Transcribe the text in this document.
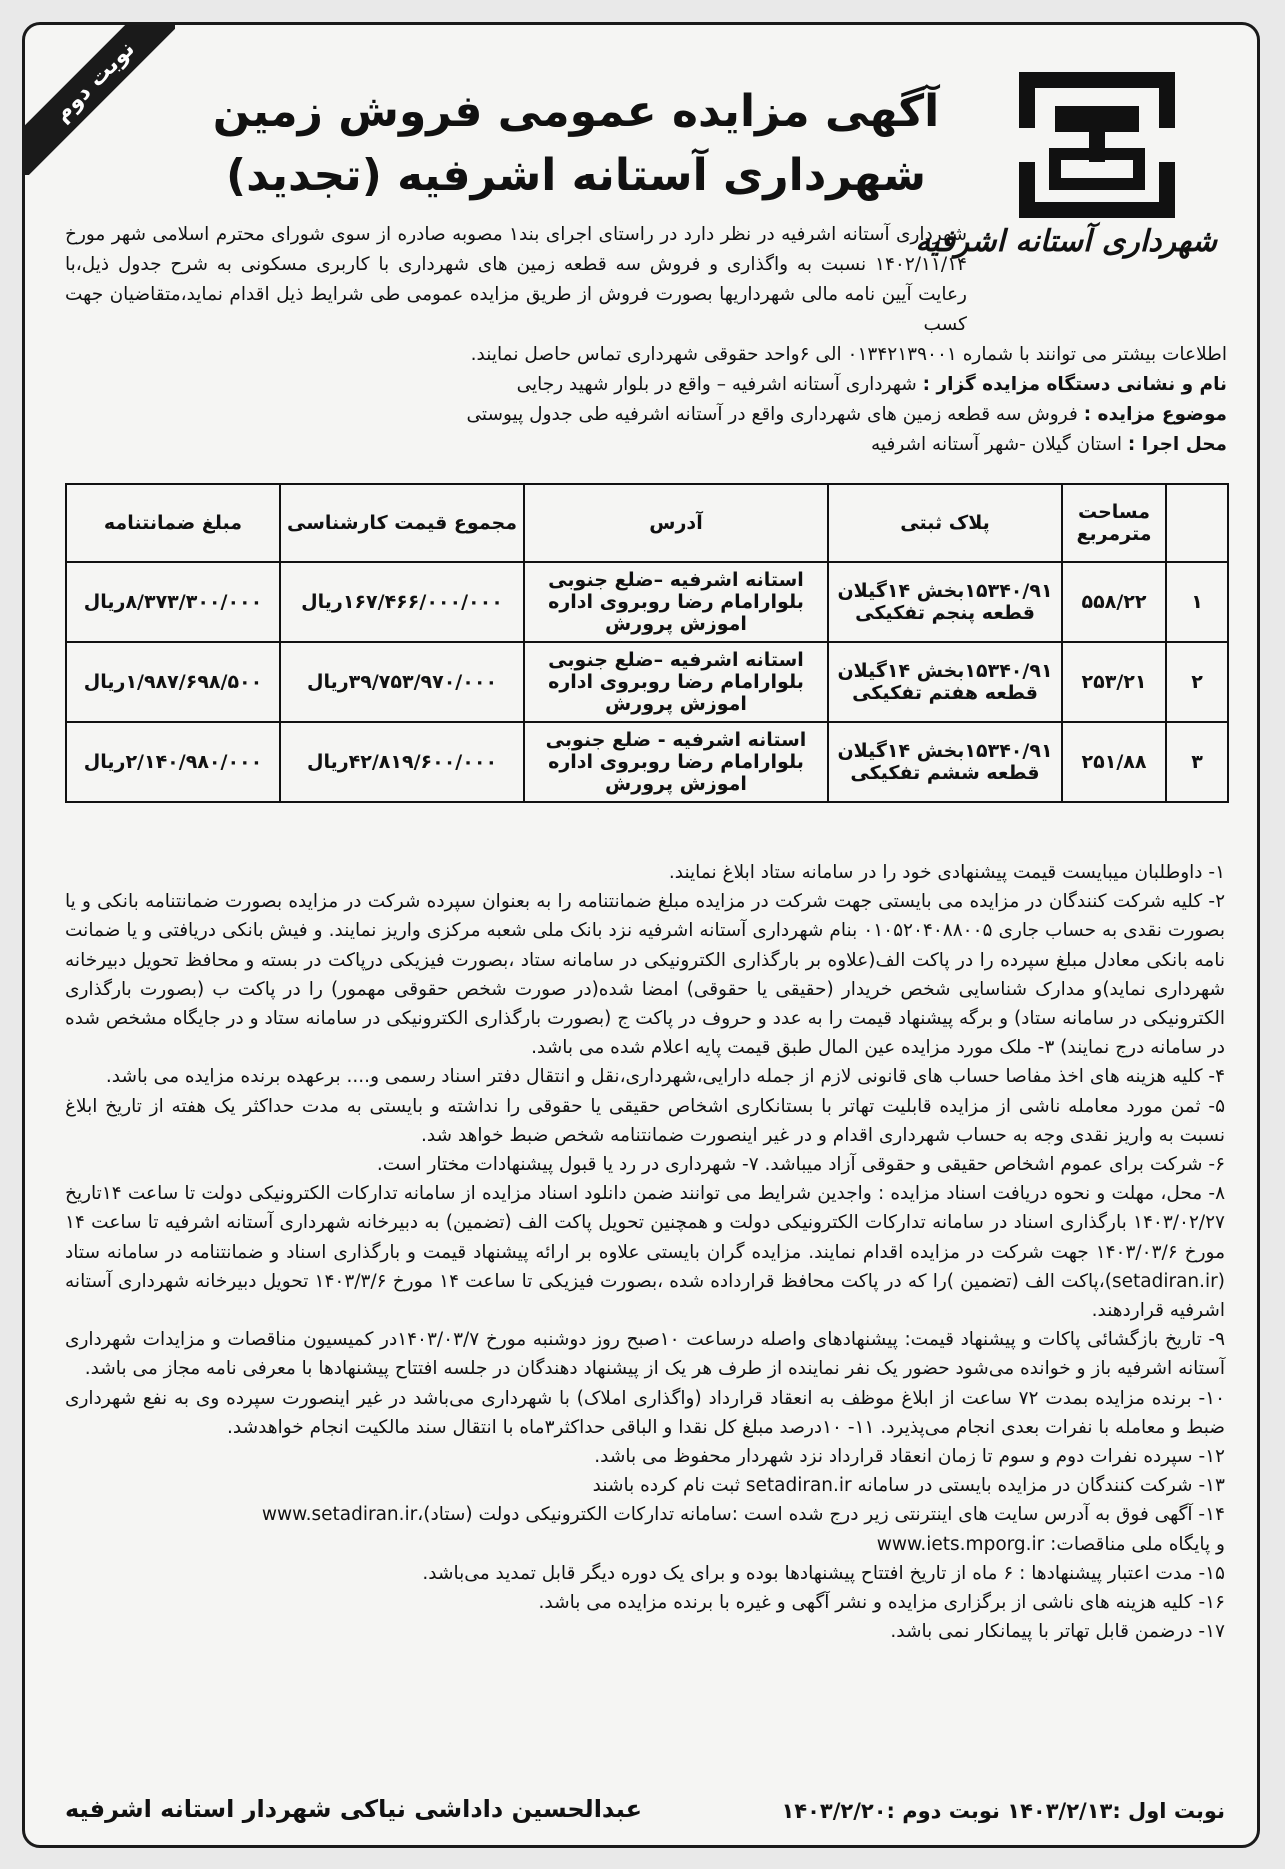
نوبت دوم
شهرداری آستانه اشرفیه
آگهی مزایده عمومی فروش زمین
شهرداری آستانه اشرفیه (تجدید)

شهرداری آستانه اشرفیه در نظر دارد در راستای اجرای بند۱ مصوبه صادره از سوی شورای محترم اسلامی شهر مورخ ۱۴۰۲/۱۱/۱۴ نسبت به واگذاری و فروش سه قطعه زمین های شهرداری با کاربری مسکونی به شرح جدول ذیل،با رعایت آیین نامه مالی شهرداریها بصورت فروش از طریق مزایده عمومی طی شرایط ذیل اقدام نماید،متقاضیان جهت کسب

اطلاعات بیشتر می توانند با شماره ۰۱۳۴۲۱۳۹۰۰۱ الی ۶واحد حقوقی شهرداری تماس حاصل نمایند.

نام و نشانی دستگاه مزایده گزار : شهرداری آستانه اشرفیه – واقع در بلوار شهید رجایی

موضوع مزایده : فروش سه قطعه زمین های شهرداری واقع در آستانه اشرفیه طی جدول پیوستی

محل اجرا : استان گیلان -شهر آستانه اشرفیه

	مساحت مترمربع	پلاک ثبتی	آدرس	مجموع قیمت کارشناسی	مبلغ ضمانتنامه
۱	۵۵۸/۲۲	۱۵۳۴۰/۹۱بخش ۱۴گیلان قطعه پنجم تفکیکی	استانه اشرفیه –ضلع جنوبی بلوارامام رضا روبروی اداره اموزش پرورش	۱۶۷/۴۶۶/۰۰۰/۰۰۰ریال	۸/۳۷۳/۳۰۰/۰۰۰ریال
۲	۲۵۳/۲۱	۱۵۳۴۰/۹۱بخش ۱۴گیلان قطعه هفتم تفکیکی	استانه اشرفیه –ضلع جنوبی بلوارامام رضا روبروی اداره اموزش پرورش	۳۹/۷۵۳/۹۷۰/۰۰۰ریال	۱/۹۸۷/۶۹۸/۵۰۰ریال
۳	۲۵۱/۸۸	۱۵۳۴۰/۹۱بخش ۱۴گیلان قطعه ششم تفکیکی	استانه اشرفیه - ضلع جنوبی بلوارامام رضا روبروی اداره اموزش پرورش	۴۲/۸۱۹/۶۰۰/۰۰۰ریال	۲/۱۴۰/۹۸۰/۰۰۰ریال

۱- داوطلبان میبایست قیمت پیشنهادی خود را در سامانه ستاد ابلاغ نمایند.

۲- کلیه شرکت کنندگان در مزایده می بایستی جهت شرکت در مزایده مبلغ ضمانتنامه را به بعنوان سپرده شرکت در مزایده بصورت ضمانتنامه بانکی و یا بصورت نقدی به حساب جاری ۰۱۰۵۲۰۴۰۸۸۰۰۵ بنام شهرداری آستانه اشرفیه نزد بانک ملی شعبه مرکزی واریز نمایند. و فیش بانکی دریافتی و یا ضمانت نامه بانکی معادل مبلغ سپرده را در پاکت الف(علاوه بر بارگذاری الکترونیکی در سامانه ستاد ،بصورت فیزیکی درپاکت در بسته و محافظ تحویل دبیرخانه شهرداری نماید)و مدارک شناسایی شخص خریدار (حقیقی یا حقوقی) امضا شده(در صورت شخص حقوقی مهمور) را در پاکت ب (بصورت بارگذاری الکترونیکی در سامانه ستاد) و برگه پیشنهاد قیمت را به عدد و حروف در پاکت ج (بصورت بارگذاری الکترونیکی در سامانه ستاد و در جایگاه مشخص شده در سامانه درج نمایند) ۳- ملک مورد مزایده عین المال طبق قیمت پایه اعلام شده می باشد.

۴- کلیه هزینه های اخذ مفاصا حساب های قانونی لازم از جمله دارایی،شهرداری،نقل و انتقال دفتر اسناد رسمی و.... برعهده برنده مزایده می باشد.

۵- ثمن مورد معامله ناشی از مزایده قابلیت تهاتر با بستانکاری اشخاص حقیقی یا حقوقی را نداشته و بایستی به مدت حداکثر یک هفته از تاریخ ابلاغ نسبت به واریز نقدی وجه به حساب شهرداری اقدام و در غیر اینصورت ضمانتنامه شخص ضبط خواهد شد.

۶- شرکت برای عموم اشخاص حقیقی و حقوقی آزاد میباشد. ۷- شهرداری در رد یا قبول پیشنهادات مختار است.

۸- محل، مهلت و نحوه دریافت اسناد مزایده : واجدین شرایط می توانند ضمن دانلود اسناد مزایده از سامانه تدارکات الکترونیکی دولت تا ساعت ۱۴تاریخ ۱۴۰۳/۰۲/۲۷ بارگذاری اسناد در سامانه تدارکات الکترونیکی دولت و همچنین تحویل پاکت الف (تضمین) به دبیرخانه شهرداری آستانه اشرفیه تا ساعت ۱۴ مورخ ۱۴۰۳/۰۳/۶ جهت شرکت در مزایده اقدام نمایند. مزایده گران بایستی علاوه بر ارائه پیشنهاد قیمت و بارگذاری اسناد و ضمانتنامه در سامانه ستاد (setadiran.ir)،پاکت الف (تضمین )را که در پاکت محافظ قرارداده شده ،بصورت فیزیکی تا ساعت ۱۴ مورخ ۱۴۰۳/۳/۶ تحویل دبیرخانه شهرداری آستانه اشرفیه قراردهند.

۹- تاریخ بازگشائی پاکات و پیشنهاد قیمت: پیشنهادهای واصله درساعت ۱۰صبح روز دوشنبه مورخ ۱۴۰۳/۰۳/۷در کمیسیون مناقصات و مزایدات شهرداری آستانه اشرفیه باز و خوانده می‌شود حضور یک نفر نماینده از طرف هر یک از پیشنهاد دهندگان در جلسه افتتاح پیشنهادها با معرفی نامه مجاز می باشد.

۱۰- برنده مزایده بمدت ۷۲ ساعت از ابلاغ موظف به انعقاد قرارداد (واگذاری املاک) با شهرداری می‌باشد در غیر اینصورت سپرده وی به نفع شهرداری ضبط و معامله با نفرات بعدی انجام می‌پذیرد. ۱۱- ۱۰درصد مبلغ کل نقدا و الباقی حداکثر۳ماه با انتقال سند مالکیت انجام خواهدشد.

۱۲- سپرده نفرات دوم و سوم تا زمان انعقاد قرارداد نزد شهردار محفوظ می باشد.

۱۳- شرکت کنندگان در مزایده بایستی در سامانه setadiran.ir ثبت نام کرده باشند

۱۴- آگهی فوق به آدرس سایت های اینترنتی زیر درج شده است :سامانه تدارکات الکترونیکی دولت (ستاد)،www.setadiran.ir

و پایگاه ملی مناقصات: www.iets.mporg.ir

۱۵- مدت اعتبار پیشنهادها : ۶ ماه از تاریخ افتتاح پیشنهادها بوده و برای یک دوره دیگر قابل تمدید می‌باشد.

۱۶- کلیه هزینه های ناشی از برگزاری مزایده و نشر آگهی و غیره با برنده مزایده می باشد.

۱۷- درضمن قابل تهاتر با پیمانکار نمی باشد.

نوبت اول :۱۴۰۳/۲/۱۳ نوبت دوم :۱۴۰۳/۲/۲۰
عبدالحسین داداشی نیاکی شهردار استانه اشرفیه
